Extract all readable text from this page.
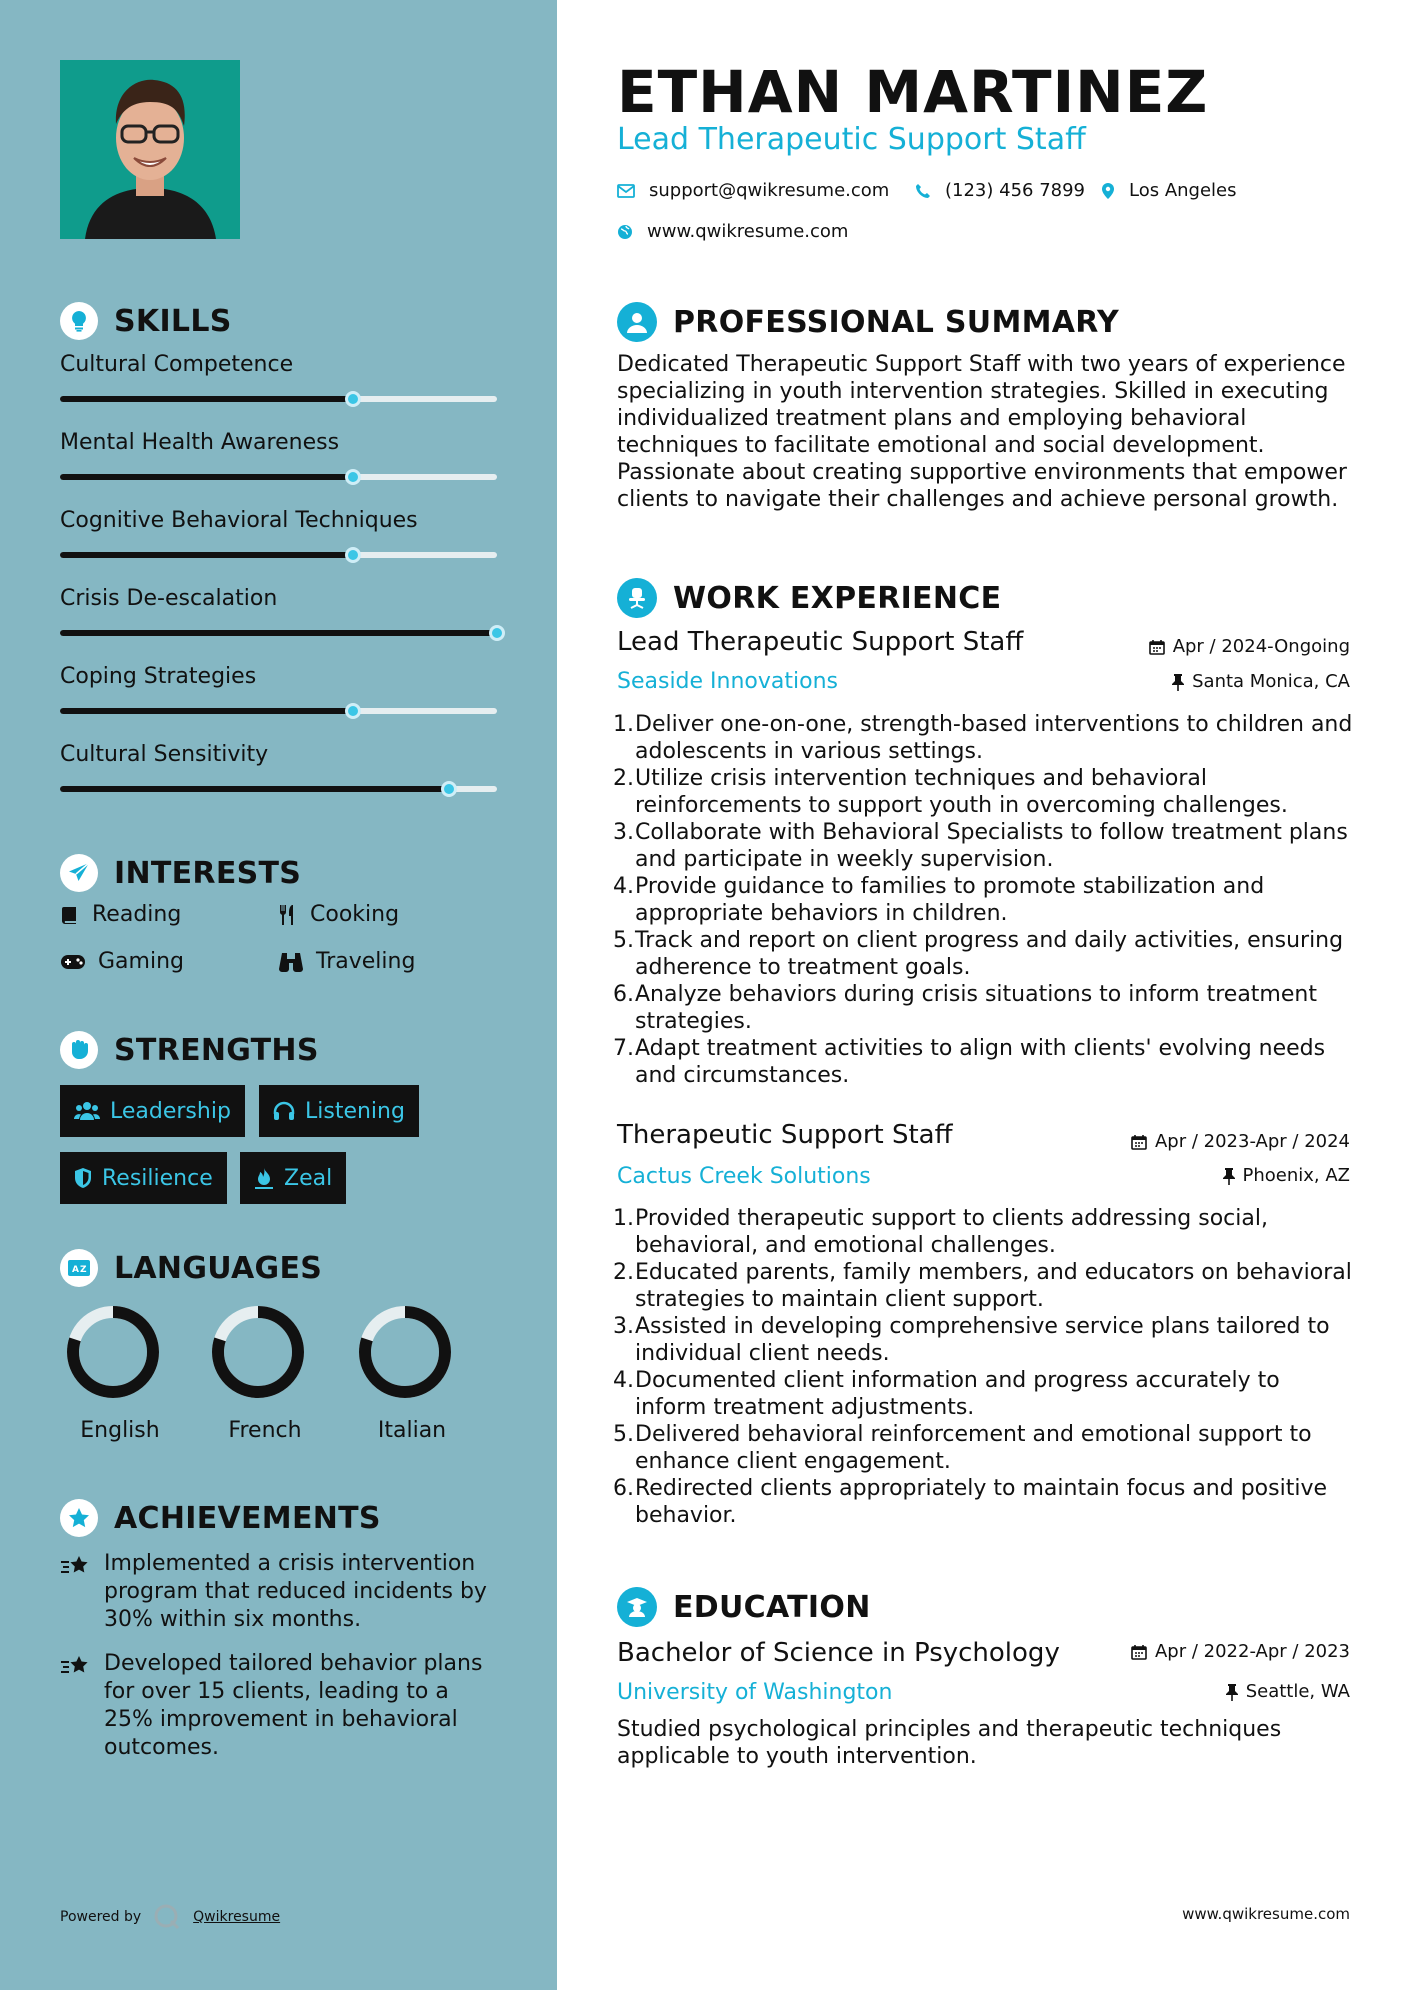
SKILLS
Cultural Competence
Mental Health Awareness
Cognitive Behavioral Techniques
Crisis De-escalation
Coping Strategies
Cultural Sensitivity
INTERESTS
Reading	Cooking
Gaming	Traveling
STRENGTHS
Leadership	Listening
Resilience	Zeal
A Z LANGUAGES
English	French	Italian
ACHIEVEMENTS

Implemented a crisis intervention program that reduced incidents by 30% within six months.

Developed tailored behavior plans for over 15 clients, leading to a 25% improvement in behavioral outcomes.

Powered by	Qwikresume
ETHAN MARTINEZ
Lead Therapeutic Support Staff
support@qwikresume.com	(123) 456 7899 Los Angeles
www.qwikresume.com
PROFESSIONAL SUMMARY

Dedicated Therapeutic Support Staff with two years of experience specializing in youth intervention strategies. Skilled in executing individualized treatment plans and employing behavioral techniques to facilitate emotional and social development. Passionate about creating supportive environments that empower clients to navigate their challenges and achieve personal growth.

WORK EXPERIENCE
Lead Therapeutic Support Staff
Seaside Innovations
Apr / 2024-Ongoing
Santa Monica, CA
Deliver one-on-one, strength-based interventions to children and adolescents in various settings.
Utilize crisis intervention techniques and behavioral reinforcements to support youth in overcoming challenges.
Collaborate with Behavioral Specialists to follow treatment plans and participate in weekly supervision.
Provide guidance to families to promote stabilization and appropriate behaviors in children.
Track and report on client progress and daily activities, ensuring adherence to treatment goals.
Analyze behaviors during crisis situations to inform treatment strategies.
Adapt treatment activities to align with clients' evolving needs and circumstances.
Therapeutic Support Staff
Cactus Creek Solutions
Apr / 2023-Apr / 2024
Phoenix, AZ
Provided therapeutic support to clients addressing social, behavioral, and emotional challenges.
Educated parents, family members, and educators on behavioral strategies to maintain client support.
Assisted in developing comprehensive service plans tailored to individual client needs.
Documented client information and progress accurately to inform treatment adjustments.
Delivered behavioral reinforcement and emotional support to enhance client engagement.
Redirected clients appropriately to maintain focus and positive behavior.
EDUCATION
Bachelor of Science in Psychology
University of Washington
Apr / 2022-Apr / 2023
Seattle, WA

Studied psychological principles and therapeutic techniques applicable to youth intervention.

www.qwikresume.com
